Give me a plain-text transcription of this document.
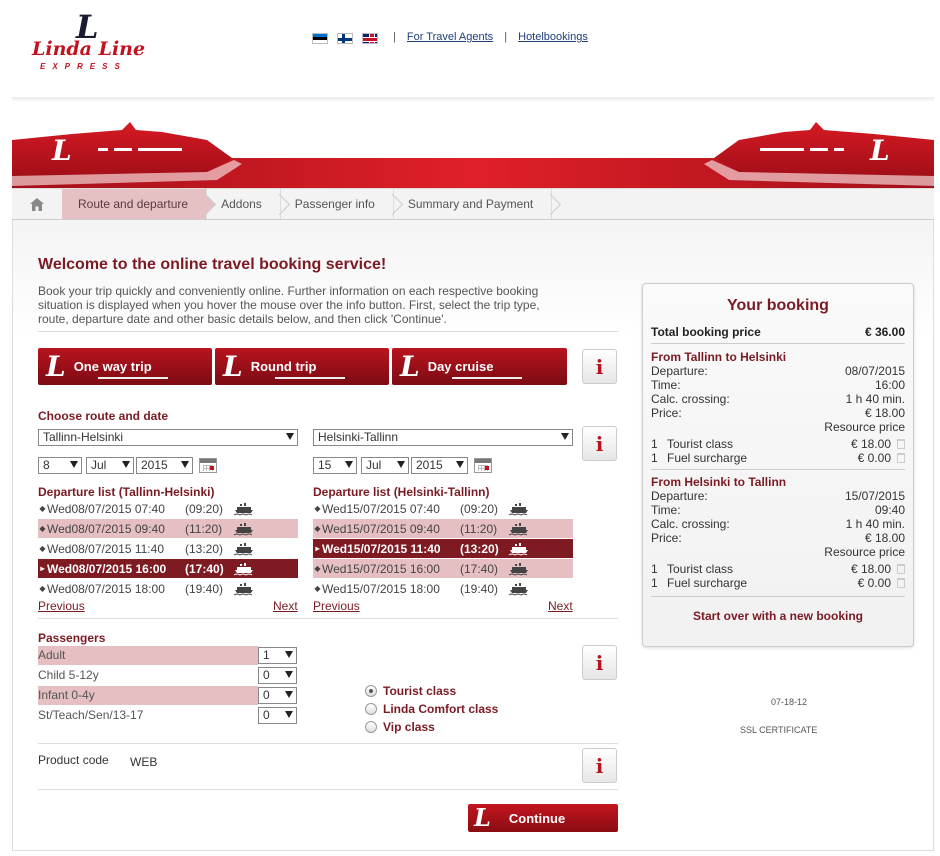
L
Linda Line
EXPRESS
| For Travel Agents | Hotelbookings
L	L
Route and departure	Addons	Passenger info	Summary and Payment
Welcome to the online travel booking service!
Book your trip quickly and conveniently online. Further information on each respective booking situation is displayed when you hover the mouse over the info button. First, select the trip type, route, departure date and other basic details below, and then click 'Continue'.
L One way trip	L Round trip	L Day cruise	i
Choose route and date
Tallinn-Helsinki	Helsinki-Tallinn	i
8	Jul	2015	15	Jul	2015
Departure list (Tallinn-Helsinki)	Departure list (Helsinki-Tallinn)
◆ Wed08/07/2015 07:40	(09:20)
◆ Wed08/07/2015 09:40	(11:20)
◆ Wed08/07/2015 11:40	(13:20)
▸ Wed08/07/2015 16:00	(17:40)
◆ Wed08/07/2015 18:00	(19:40)
◆ Wed15/07/2015 07:40	(09:20)
◆ Wed15/07/2015 09:40	(11:20)
▸ Wed15/07/2015 11:40	(13:20)
◆ Wed15/07/2015 16:00	(17:40)
◆ Wed15/07/2015 18:00	(19:40)
Previous	Next Previous	Next
Passengers
Adult	1
Child 5-12y	0
Infant 0-4y	0
St/Teach/Sen/13-17	0
i
Tourist class
Linda Comfort class
Vip class
Product code WEB	i
L Continue
Your booking
Total booking price	€ 36.00
From Tallinn to Helsinki
Departure:	08/07/2015
Time:	16:00
Calc. crossing:	1 h 40 min.
Price:	€ 18.00
Resource price
1 Tourist class	€ 18.00
1 Fuel surcharge	€ 0.00
From Helsinki to Tallinn
Departure:	15/07/2015
Time:	09:40
Calc. crossing:	1 h 40 min.
Price:	€ 18.00
Resource price
1 Tourist class	€ 18.00
1 Fuel surcharge	€ 0.00
Start over with a new booking
07-18-12
SSL CERTIFICATE
